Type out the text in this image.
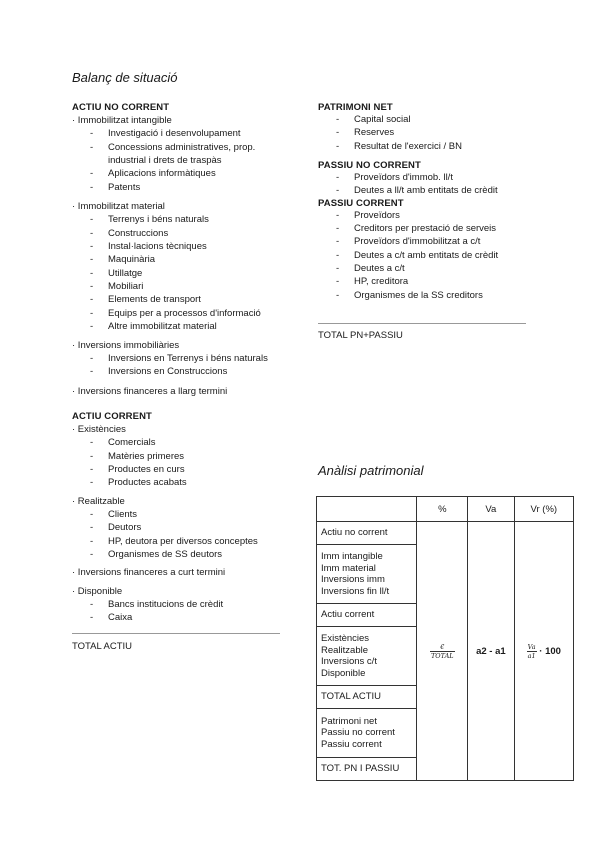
Balanç de situació
ACTIU NO CORRENT
· Immobilitzat intangible
- Investigació i desenvolupament
- Concessions administratives, prop.
industrial i drets de traspàs
- Aplicacions informàtiques
- Patents
· Immobilitzat material
- Terrenys i béns naturals
- Construccions
- Instal·lacions tècniques
- Maquinària
- Utillatge
- Mobiliari
- Elements de transport
- Equips per a processos d'informació
- Altre immobilitzat material
· Inversions immobiliàries
- Inversions en Terrenys i béns naturals
- Inversions en Construccions
· Inversions financeres a llarg termini
ACTIU CORRENT
· Existències
- Comercials
- Matèries primeres
- Productes en curs
- Productes acabats
· Realitzable
- Clients
- Deutors
- HP, deutora per diversos conceptes
- Organismes de SS deutors
· Inversions financeres a curt termini
· Disponible
- Bancs institucions de crèdit
- Caixa
TOTAL ACTIU
PATRIMONI NET
- Capital social
- Reserves
- Resultat de l'exercici / BN
PASSIU NO CORRENT
- Proveïdors d'immob. ll/t
- Deutes a ll/t amb entitats de crèdit
PASSIU CORRENT
- Proveïdors
- Creditors per prestació de serveis
- Proveïdors d'immobilitzat a c/t
- Deutes a c/t amb entitats de crèdit
- Deutes a c/t
- HP, creditora
- Organismes de la SS creditors
TOTAL PN+PASSIU
Anàlisi patrimonial
	%	Va	Vr (%)
Actiu no corrent	$\frac{€}{\text{TOTAL}}$	a2 - a1	$\frac{Va}{a1} \cdot 100$

Imm intangible
Imm material
Inversions imm
Inversions fin ll/t			

Actiu corrent			

Existències
Realitzable
Inversions c/t
Disponible			

TOTAL ACTIU			

Patrimoni net
Passiu no corrent
Passiu corrent			

TOT. PN I PASSIU			
